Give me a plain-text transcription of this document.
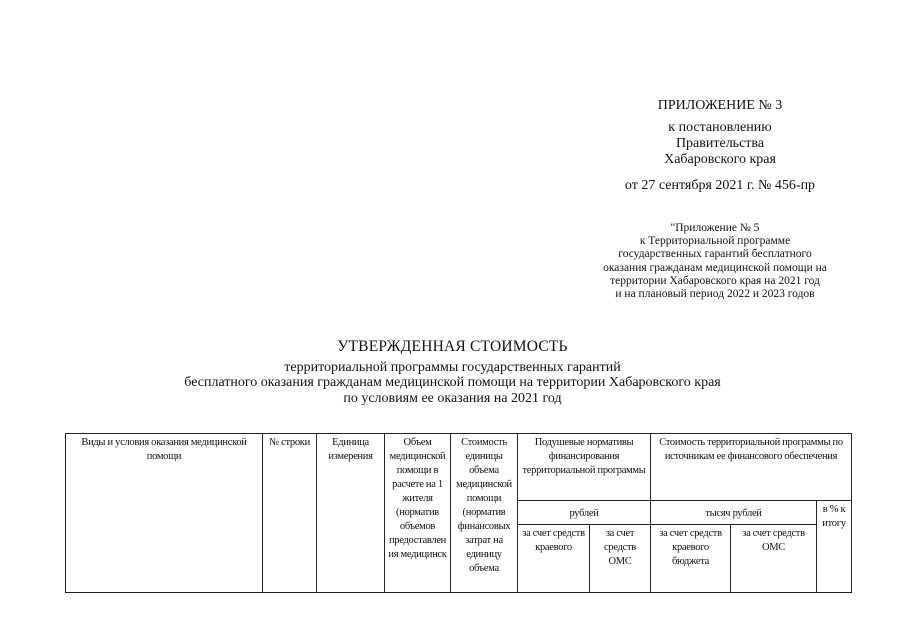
ПРИЛОЖЕНИЕ № 3
к постановлению
Правительства
Хабаровского края
от 27 сентября 2021 г. № 456-пр
"Приложение № 5
к Территориальной программе
государственных гарантий бесплатного
оказания гражданам медицинской помощи на
территории Хабаровского края на 2021 год
и на плановый период 2022 и 2023 годов
УТВЕРЖДЕННАЯ СТОИМОСТЬ
территориальной программы государственных гарантий
бесплатного оказания гражданам медицинской помощи на территории Хабаровского края
по условиям ее оказания на 2021 год
Виды и условия оказания медицинской помощи	№ строки	Единица измерения	Объем медицинской помощи в расчете на 1 жителя (норматив объемов предоставления медицинск	Стоимость единицы объема медицинской помощи (норматив финансовых затрат на единицу объема	Подушевые нормативы финансирования территориальной программы		Стоимость территориальной программы по источникам ее финансового обеспечения		
					рублей		тысяч рублей		в % к итогу

					за счет средств краевого	за счет средств ОМС	за счет средств краевого бюджета	за счет средств ОМС	
